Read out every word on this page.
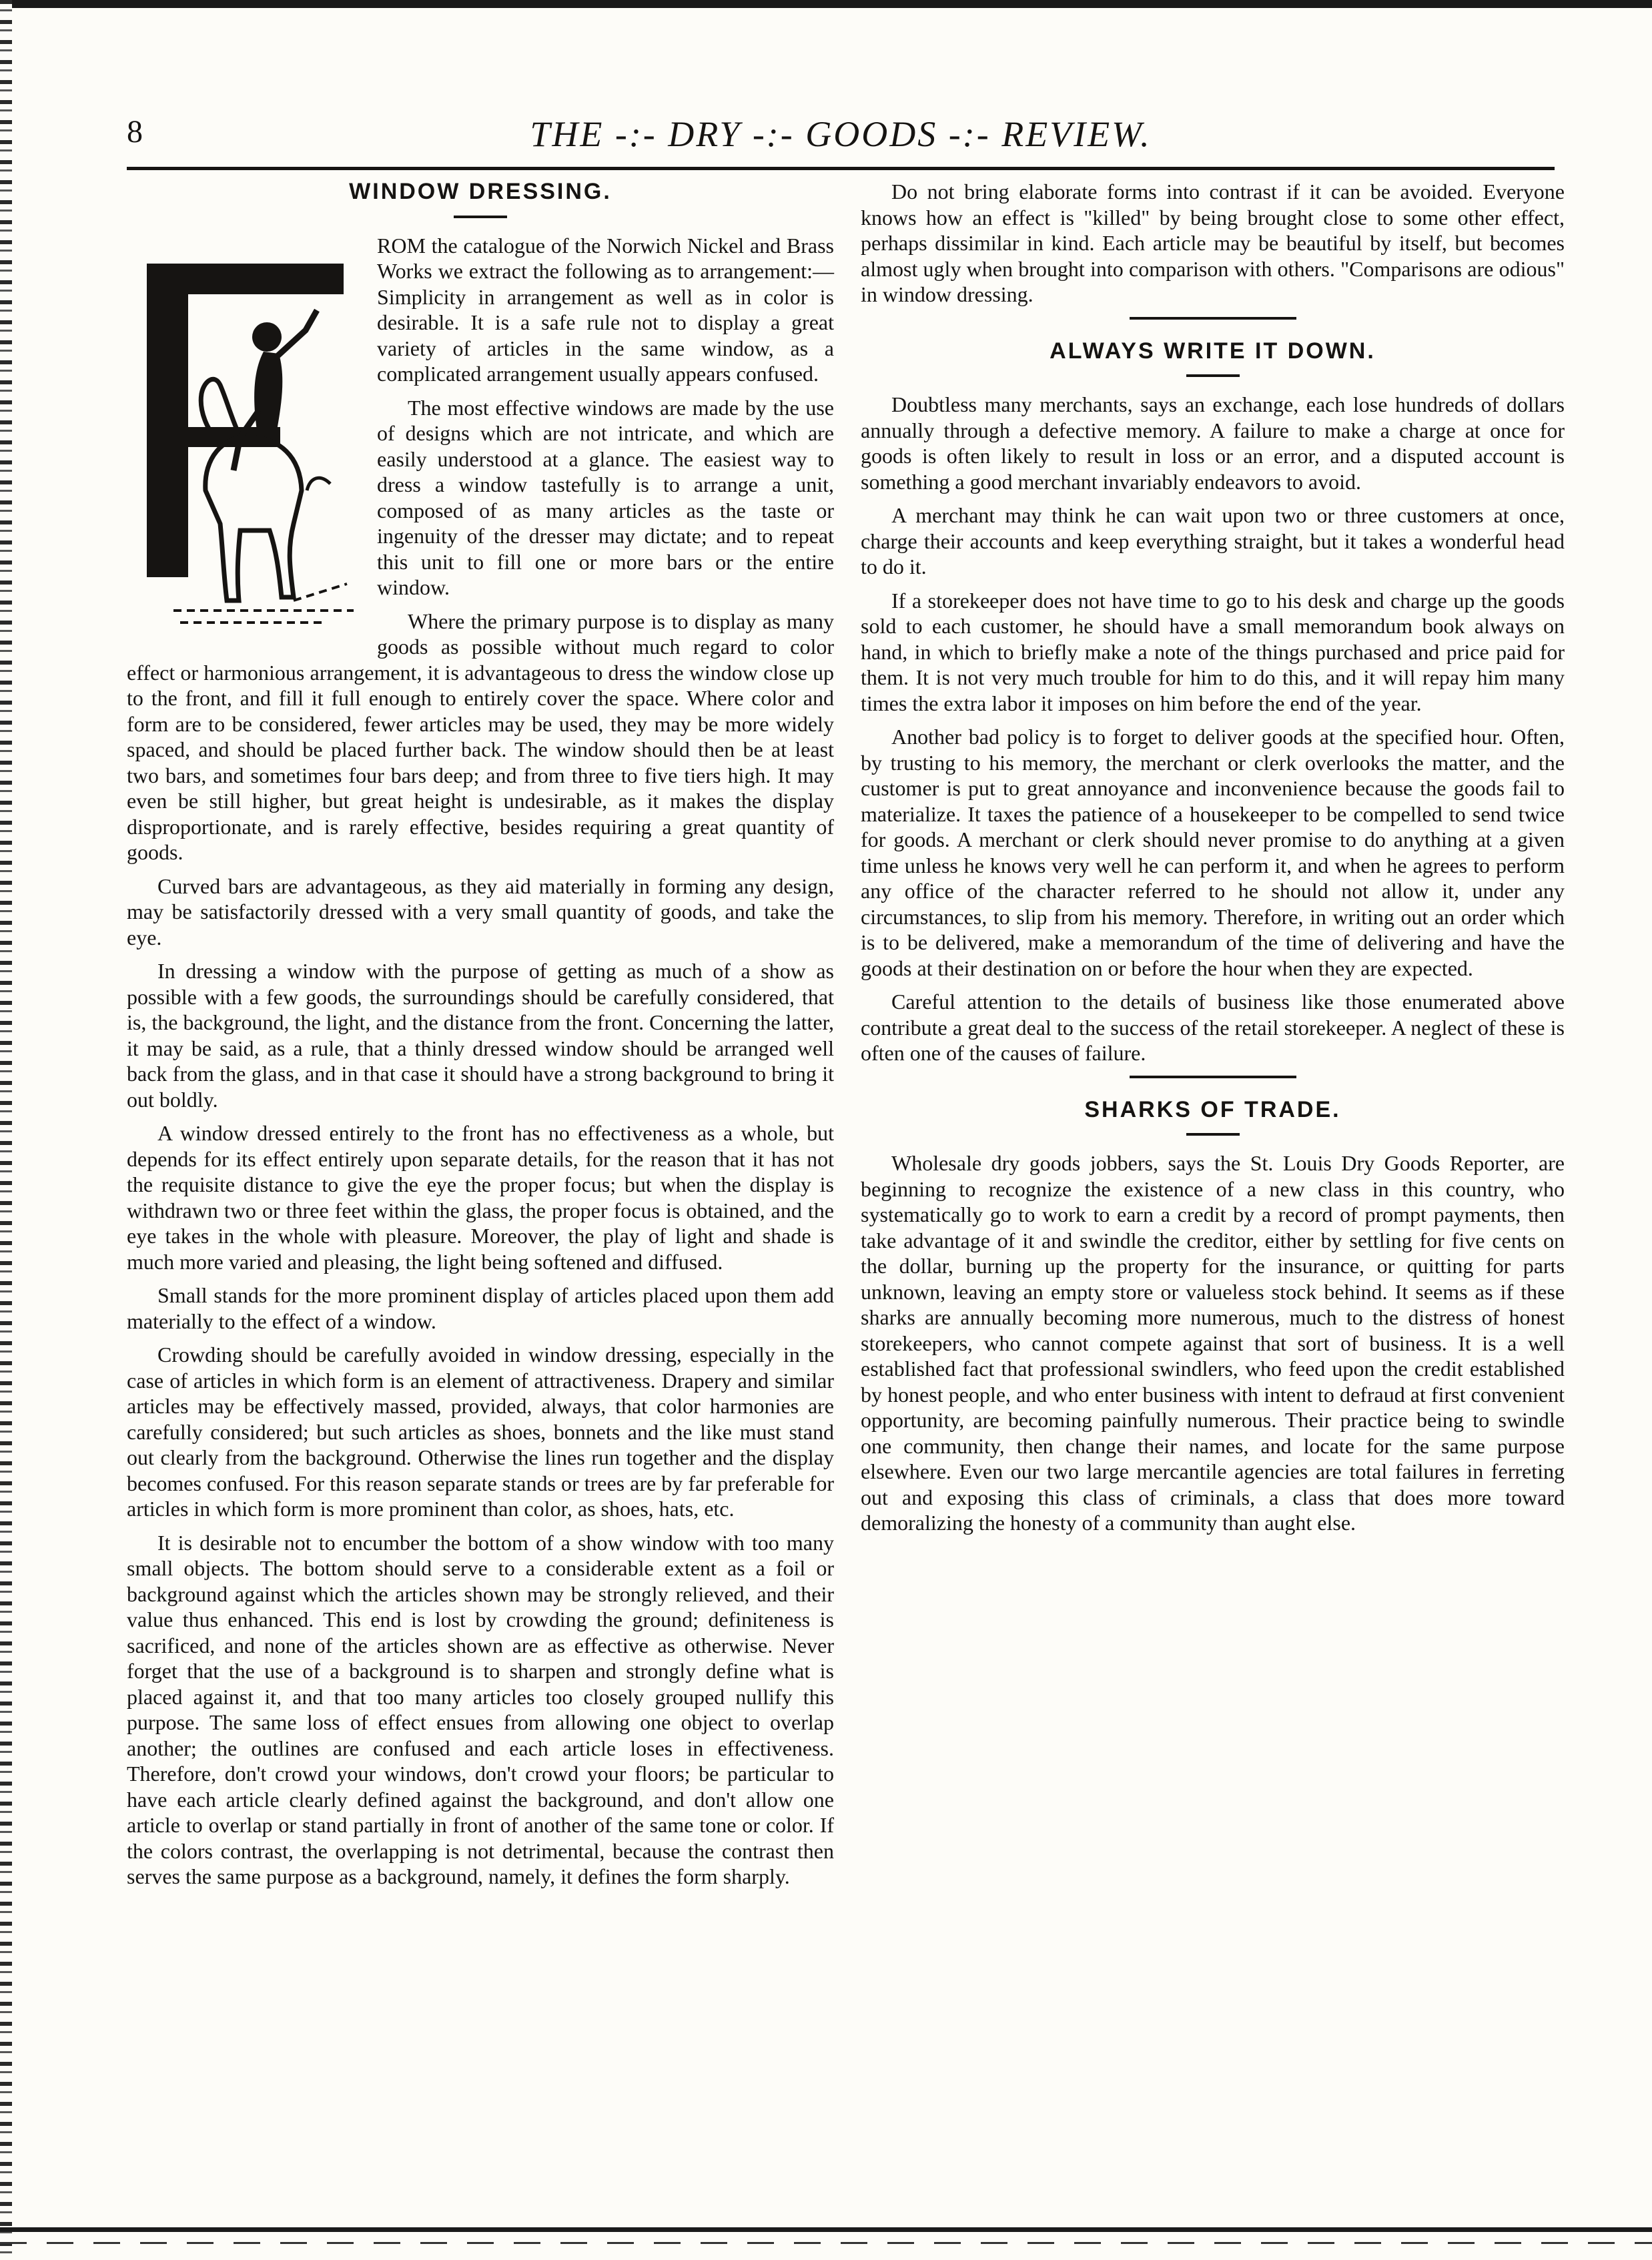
8	THE -:- DRY -:- GOODS -:- REVIEW.
WINDOW DRESSING.

ROM the catalogue of the Norwich Nickel and Brass Works we extract the following as to arrangement:—Simplicity in arrangement as well as in color is desirable. It is a safe rule not to display a great variety of articles in the same window, as a complicated arrangement usually appears confused.

The most effective windows are made by the use of designs which are not intricate, and which are easily understood at a glance. The easiest way to dress a window tastefully is to arrange a unit, composed of as many articles as the taste or ingenuity of the dresser may dictate; and to repeat this unit to fill one or more bars or the entire window.

Where the primary purpose is to display as many goods as possible without much regard to color effect or harmonious arrangement, it is advantageous to dress the window close up to the front, and fill it full enough to entirely cover the space. Where color and form are to be considered, fewer articles may be used, they may be more widely spaced, and should be placed further back. The window should then be at least two bars, and sometimes four bars deep; and from three to five tiers high. It may even be still higher, but great height is undesirable, as it makes the display disproportionate, and is rarely effective, besides requiring a great quantity of goods.

Curved bars are advantageous, as they aid materially in forming any design, may be satisfactorily dressed with a very small quantity of goods, and take the eye.

In dressing a window with the purpose of getting as much of a show as possible with a few goods, the surroundings should be carefully considered, that is, the background, the light, and the distance from the front. Concerning the latter, it may be said, as a rule, that a thinly dressed window should be arranged well back from the glass, and in that case it should have a strong background to bring it out boldly.

A window dressed entirely to the front has no effectiveness as a whole, but depends for its effect entirely upon separate details, for the reason that it has not the requisite distance to give the eye the proper focus; but when the display is withdrawn two or three feet within the glass, the proper focus is obtained, and the eye takes in the whole with pleasure. Moreover, the play of light and shade is much more varied and pleasing, the light being softened and diffused.

Small stands for the more prominent display of articles placed upon them add materially to the effect of a window.

Crowding should be carefully avoided in window dressing, especially in the case of articles in which form is an element of attractiveness. Drapery and similar articles may be effectively massed, provided, always, that color harmonies are carefully considered; but such articles as shoes, bonnets and the like must stand out clearly from the background. Otherwise the lines run together and the display becomes confused. For this reason separate stands or trees are by far preferable for articles in which form is more prominent than color, as shoes, hats, etc.

It is desirable not to encumber the bottom of a show window with too many small objects. The bottom should serve to a considerable extent as a foil or background against which the articles shown may be strongly relieved, and their value thus enhanced. This end is lost by crowding the ground; definiteness is sacrificed, and none of the articles shown are as effective as otherwise. Never forget that the use of a background is to sharpen and strongly define what is placed against it, and that too many articles too closely grouped nullify this purpose. The same loss of effect ensues from allowing one object to overlap another; the outlines are confused and each article loses in effectiveness. Therefore, don't crowd your windows, don't crowd your floors; be particular to have each article clearly defined against the background, and don't allow one article to overlap or stand partially in front of another of the same tone or color. If the colors contrast, the overlapping is not detrimental, because the contrast then serves the same purpose as a background, namely, it defines the form sharply.

Do not bring elaborate forms into contrast if it can be avoided. Everyone knows how an effect is "killed" by being brought close to some other effect, perhaps dissimilar in kind. Each article may be beautiful by itself, but becomes almost ugly when brought into comparison with others. "Comparisons are odious" in window dressing.

ALWAYS WRITE IT DOWN.

Doubtless many merchants, says an exchange, each lose hundreds of dollars annually through a defective memory. A failure to make a charge at once for goods is often likely to result in loss or an error, and a disputed account is something a good merchant invariably endeavors to avoid.

A merchant may think he can wait upon two or three customers at once, charge their accounts and keep everything straight, but it takes a wonderful head to do it.

If a storekeeper does not have time to go to his desk and charge up the goods sold to each customer, he should have a small memorandum book always on hand, in which to briefly make a note of the things purchased and price paid for them. It is not very much trouble for him to do this, and it will repay him many times the extra labor it imposes on him before the end of the year.

Another bad policy is to forget to deliver goods at the specified hour. Often, by trusting to his memory, the merchant or clerk overlooks the matter, and the customer is put to great annoyance and inconvenience because the goods fail to materialize. It taxes the patience of a housekeeper to be compelled to send twice for goods. A merchant or clerk should never promise to do anything at a given time unless he knows very well he can perform it, and when he agrees to perform any office of the character referred to he should not allow it, under any circumstances, to slip from his memory. Therefore, in writing out an order which is to be delivered, make a memorandum of the time of delivering and have the goods at their destination on or before the hour when they are expected.

Careful attention to the details of business like those enumerated above contribute a great deal to the success of the retail storekeeper. A neglect of these is often one of the causes of failure.

SHARKS OF TRADE.

Wholesale dry goods jobbers, says the St. Louis Dry Goods Reporter, are beginning to recognize the existence of a new class in this country, who systematically go to work to earn a credit by a record of prompt payments, then take advantage of it and swindle the creditor, either by settling for five cents on the dollar, burning up the property for the insurance, or quitting for parts unknown, leaving an empty store or valueless stock behind. It seems as if these sharks are annually becoming more numerous, much to the distress of honest storekeepers, who cannot compete against that sort of business. It is a well established fact that professional swindlers, who feed upon the credit established by honest people, and who enter business with intent to defraud at first convenient opportunity, are becoming painfully numerous. Their practice being to swindle one community, then change their names, and locate for the same purpose elsewhere. Even our two large mercantile agencies are total failures in ferreting out and exposing this class of criminals, a class that does more toward demoralizing the honesty of a community than aught else.
